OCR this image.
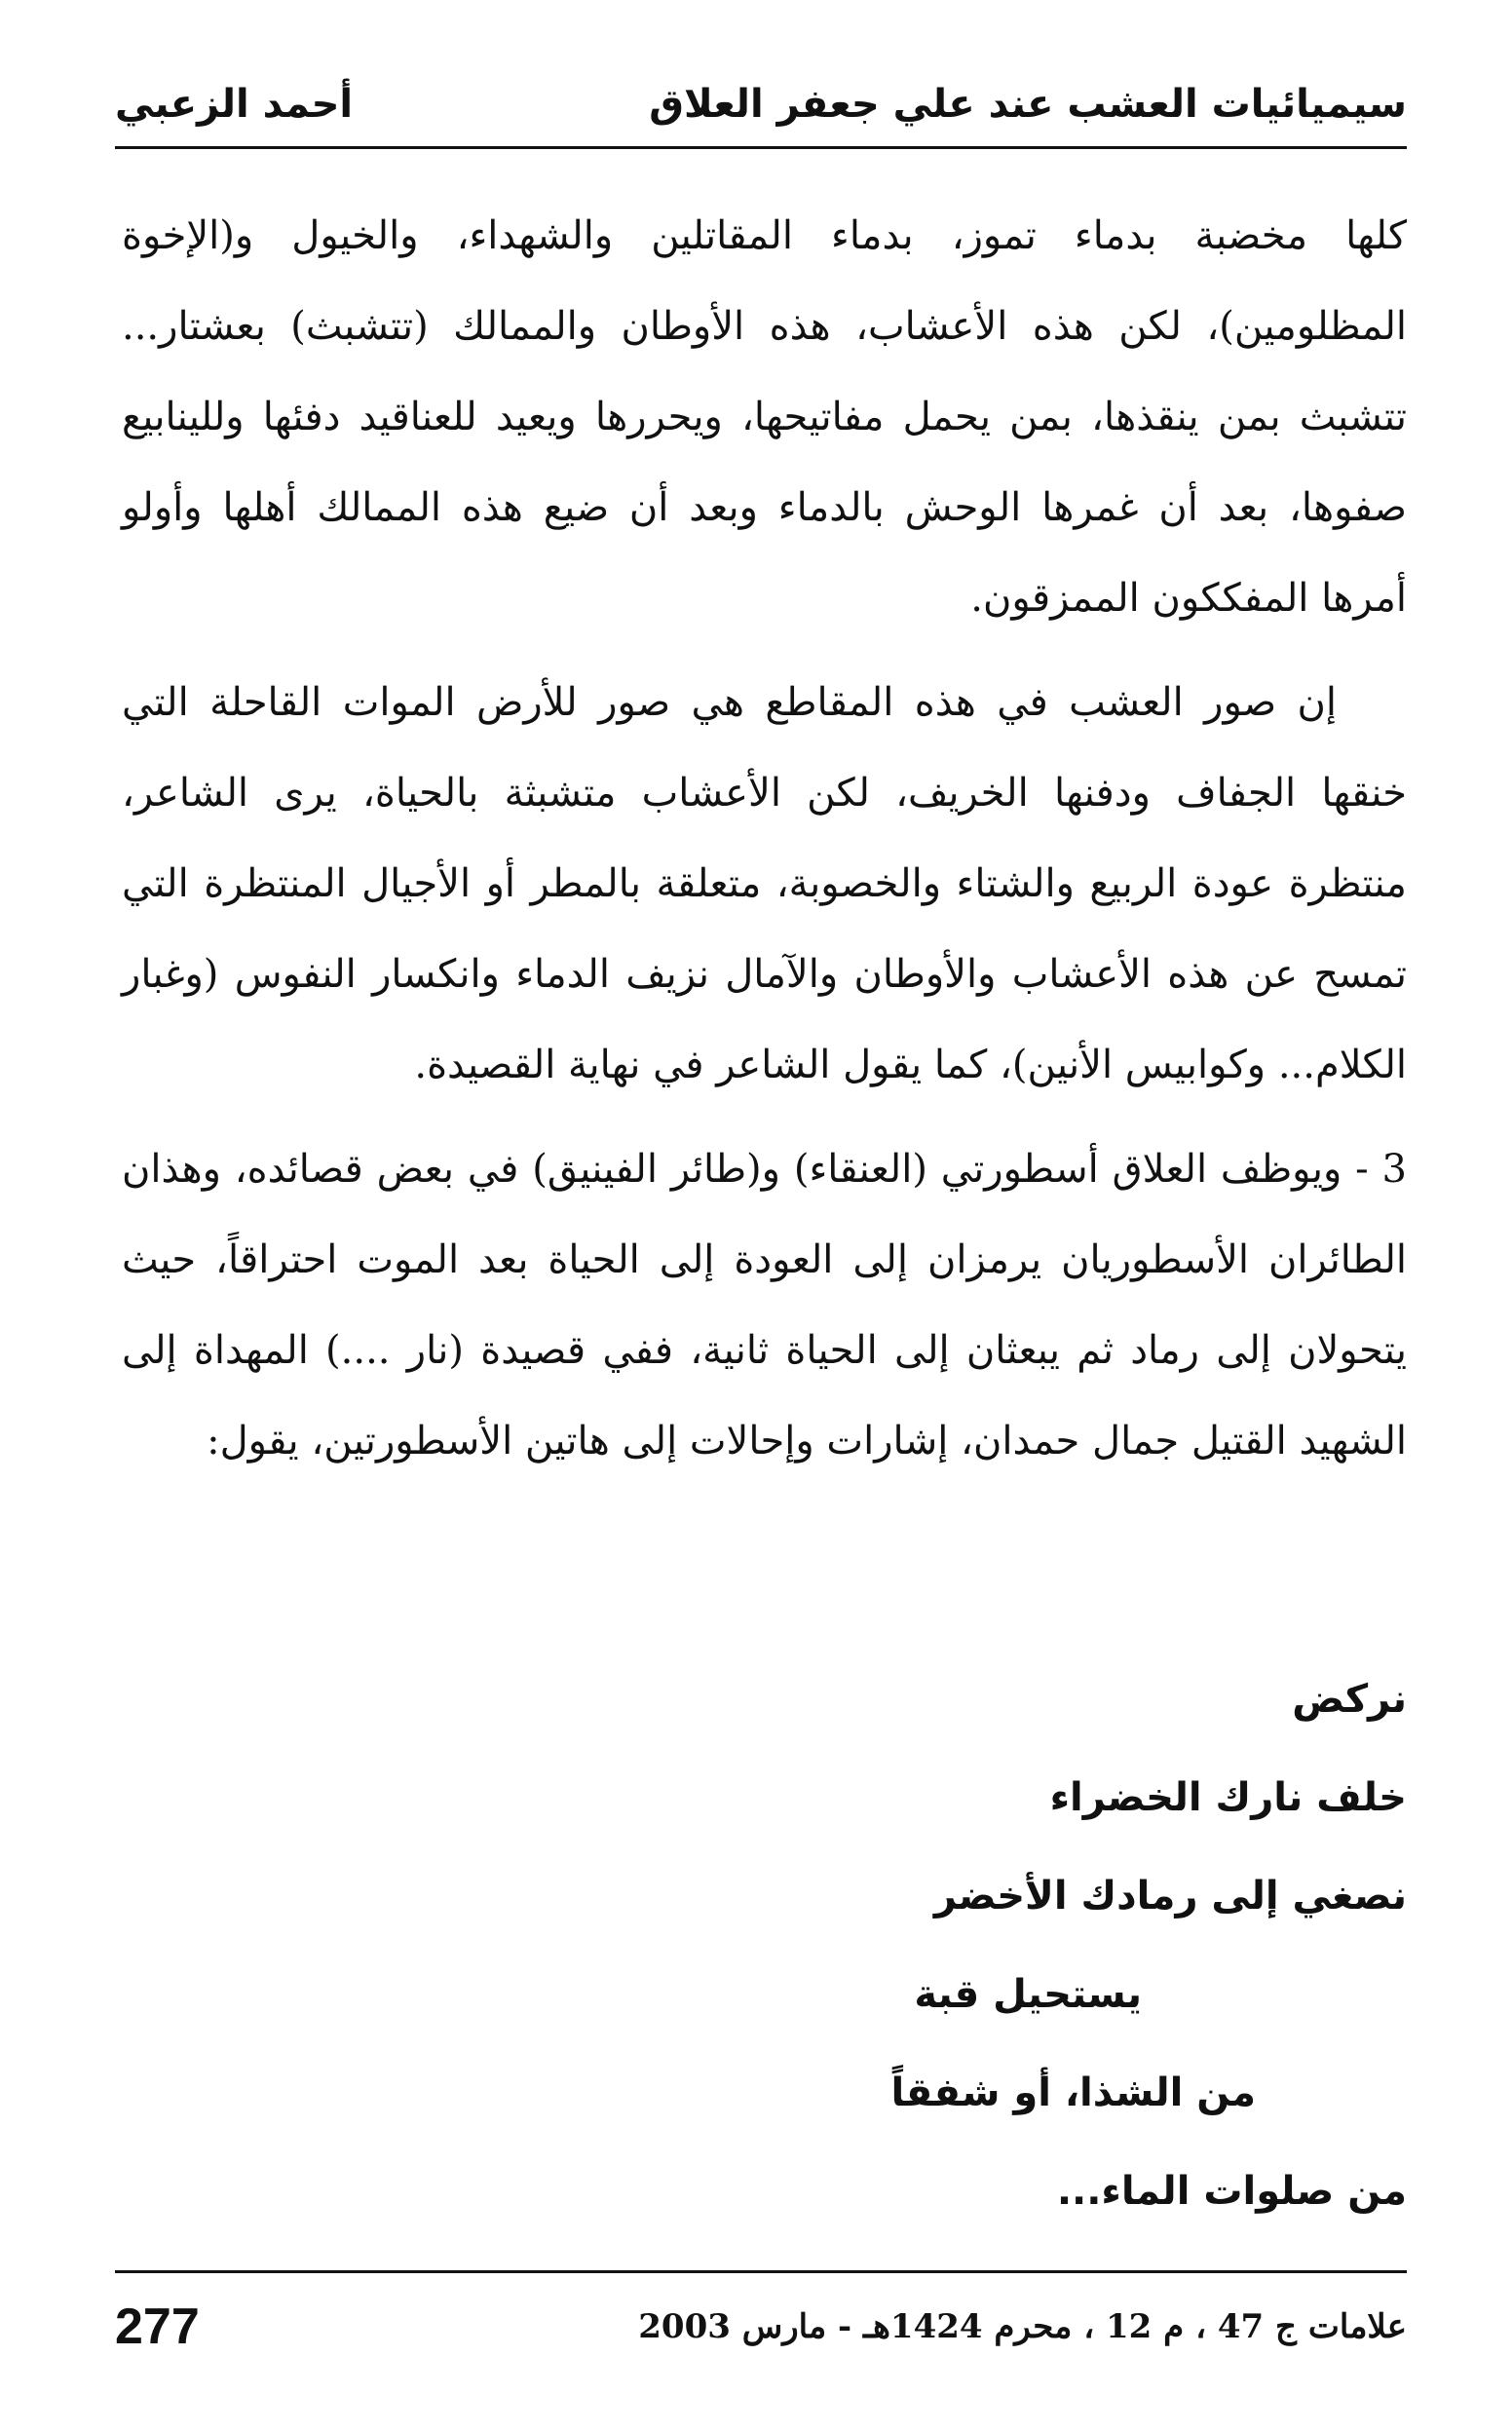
سيميائيات العشب عند علي جعفر العلاق
أحمد الزعبي

كلها مخضبة بدماء تموز، بدماء المقاتلين والشهداء، والخيول و(الإخوة المظلومين)، لكن هذه الأعشاب، هذه الأوطان والممالك (تتشبث) بعشتار... تتشبث بمن ينقذها، بمن يحمل مفاتيحها، ويحررها ويعيد للعناقيد دفئها وللينابيع صفوها، بعد أن غمرها الوحش بالدماء وبعد أن ضيع هذه الممالك أهلها وأولو أمرها المفككون الممزقون.

إن صور العشب في هذه المقاطع هي صور للأرض الموات القاحلة التي خنقها الجفاف ودفنها الخريف، لكن الأعشاب متشبثة بالحياة، يرى الشاعر، منتظرة عودة الربيع والشتاء والخصوبة، متعلقة بالمطر أو الأجيال المنتظرة التي تمسح عن هذه الأعشاب والأوطان والآمال نزيف الدماء وانكسار النفوس (وغبار الكلام... وكوابيس الأنين)، كما يقول الشاعر في نهاية القصيدة.

3 - ويوظف العلاق أسطورتي (العنقاء) و(طائر الفينيق) في بعض قصائده، وهذان الطائران الأسطوريان يرمزان إلى العودة إلى الحياة بعد الموت احتراقاً، حيث يتحولان إلى رماد ثم يبعثان إلى الحياة ثانية، ففي قصيدة (نار ....) المهداة إلى الشهيد القتيل جمال حمدان، إشارات وإحالات إلى هاتين الأسطورتين، يقول:

نركض
خلف نارك الخضراء
نصغي إلى رمادك الأخضر
يستحيل قبة
من الشذا، أو شفقاً
من صلوات الماء...
علامات ج 47 ، م 12 ، محرم 1424هـ - مارس 2003
277
